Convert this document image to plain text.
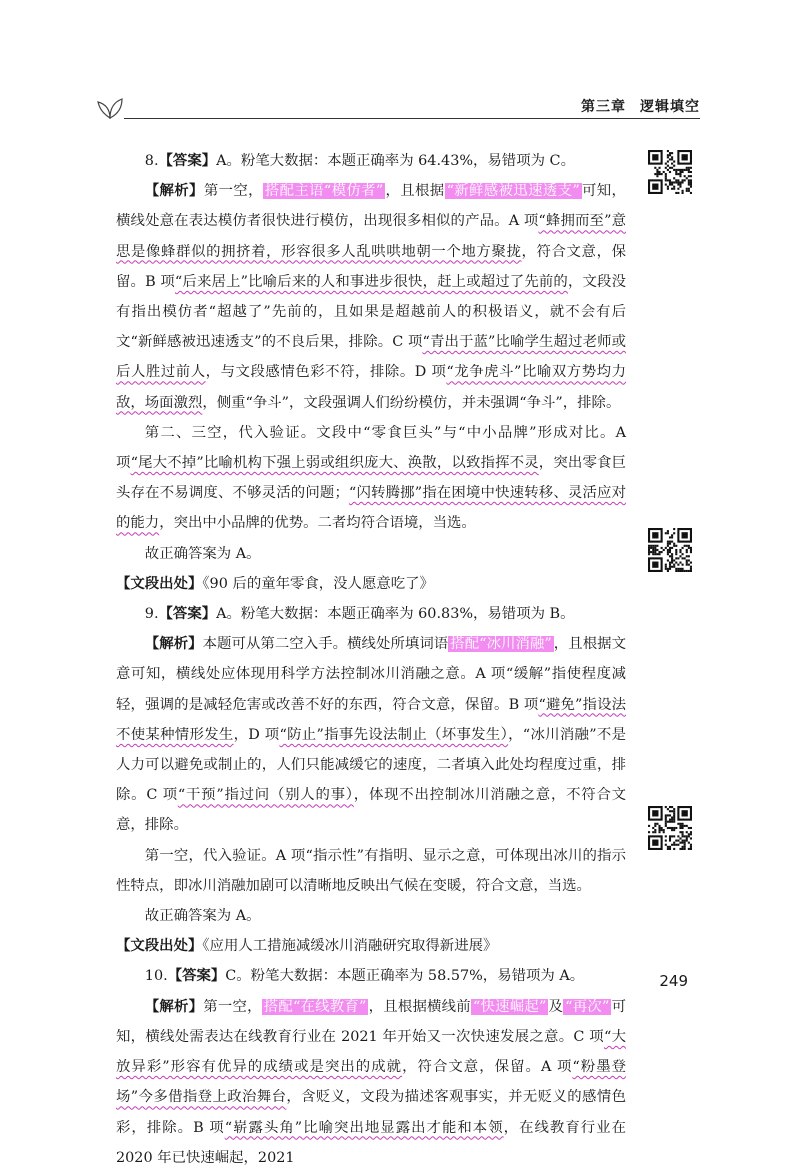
第三章 逻辑填空

8.【答案】A。粉笔大数据：本题正确率为 64.43%，易错项为 C。

【解析】第一空， 搭配主语“模仿者” ，且根据 “新鲜感被迅速透支” 可知，横线处意在表达模仿者很快进行模仿，出现很多相似的产品。A 项“蜂拥而至”意思是像蜂群似的拥挤着，形容很多人乱哄哄地朝一个地方聚拢，符合文意，保留。B 项“后来居上”比喻后来的人和事进步很快，赶上或超过了先前的，文段没有指出模仿者“超越了”先前的，且如果是超越前人的积极语义，就不会有后文“新鲜感被迅速透支”的不良后果，排除。C 项“青出于蓝”比喻学生超过老师或后人胜过前人，与文段感情色彩不符，排除。D 项“龙争虎斗”比喻双方势均力敌，场面激烈，侧重“争斗”，文段强调人们纷纷模仿，并未强调“争斗”，排除。

第二、三空，代入验证。文段中“零食巨头”与“中小品牌”形成对比。A 项“尾大不掉”比喻机构下强上弱或组织庞大、涣散，以致指挥不灵，突出零食巨头存在不易调度、不够灵活的问题；“闪转腾挪”指在困境中快速转移、灵活应对的能力，突出中小品牌的优势。二者均符合语境，当选。

故正确答案为 A。

【文段出处】《90 后的童年零食，没人愿意吃了》

9.【答案】A。粉笔大数据：本题正确率为 60.83%，易错项为 B。

【解析】本题可从第二空入手。横线处所填词语 搭配“冰川消融” ，且根据文意可知，横线处应体现用科学方法控制冰川消融之意。A 项“缓解”指使程度减轻，强调的是减轻危害或改善不好的东西，符合文意，保留。B 项“避免”指设法不使某种情形发生，D 项“防止”指事先设法制止（坏事发生），“冰川消融”不是人力可以避免或制止的，人们只能减缓它的速度，二者填入此处均程度过重，排除。C 项“干预”指过问（别人的事），体现不出控制冰川消融之意，不符合文意，排除。

第一空，代入验证。A 项“指示性”有指明、显示之意，可体现出冰川的指示性特点，即冰川消融加剧可以清晰地反映出气候在变暖，符合文意，当选。

故正确答案为 A。

【文段出处】《应用人工措施减缓冰川消融研究取得新进展》

10.【答案】C。粉笔大数据：本题正确率为 58.57%，易错项为 A。

【解析】第一空， 搭配“在线教育” ，且根据横线前 “快速崛起” 及 “再次” 可知，横线处需表达在线教育行业在 2021 年开始又一次快速发展之意。C 项“大放异彩”形容有优异的成绩或是突出的成就，符合文意，保留。A 项“粉墨登场”今多借指登上政治舞台，含贬义，文段为描述客观事实，并无贬义的感情色彩，排除。B 项“崭露头角”比喻突出地显露出才能和本领，在线教育行业在 2020 年已快速崛起，2021

249
